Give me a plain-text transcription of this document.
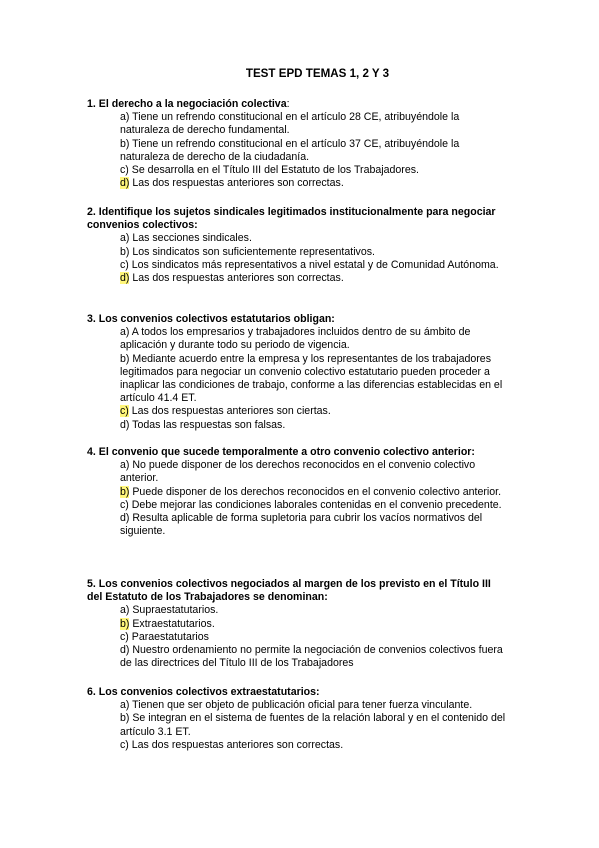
TEST EPD TEMAS 1, 2 Y 3
1. El derecho a la negociación colectiva:
a) Tiene un refrendo constitucional en el artículo 28 CE, atribuyéndole la naturaleza de derecho fundamental.
b) Tiene un refrendo constitucional en el artículo 37 CE, atribuyéndole la naturaleza de derecho de la ciudadanía.
c) Se desarrolla en el Título III del Estatuto de los Trabajadores.
d) Las dos respuestas anteriores son correctas.
2. Identifique los sujetos sindicales legitimados institucionalmente para negociar convenios colectivos:
a) Las secciones sindicales.
b) Los sindicatos son suficientemente representativos.
c) Los sindicatos más representativos a nivel estatal y de Comunidad Autónoma.
d) Las dos respuestas anteriores son correctas.
3. Los convenios colectivos estatutarios obligan:
a) A todos los empresarios y trabajadores incluidos dentro de su ámbito de aplicación y durante todo su periodo de vigencia.
b) Mediante acuerdo entre la empresa y los representantes de los trabajadores legitimados para negociar un convenio colectivo estatutario pueden proceder a inaplicar las condiciones de trabajo, conforme a las diferencias establecidas en el artículo 41.4 ET.
c) Las dos respuestas anteriores son ciertas.
d) Todas las respuestas son falsas.
4. El convenio que sucede temporalmente a otro convenio colectivo anterior:
a) No puede disponer de los derechos reconocidos en el convenio colectivo anterior.
b) Puede disponer de los derechos reconocidos en el convenio colectivo anterior.
c) Debe mejorar las condiciones laborales contenidas en el convenio precedente.
d) Resulta aplicable de forma supletoria para cubrir los vacíos normativos del siguiente.
5. Los convenios colectivos negociados al margen de los previsto en el Título III del Estatuto de los Trabajadores se denominan:
a) Supraestatutarios.
b) Extraestatutarios.
c) Paraestatutarios
d) Nuestro ordenamiento no permite la negociación de convenios colectivos fuera de las directrices del Título III de los Trabajadores
6. Los convenios colectivos extraestatutarios:
a) Tienen que ser objeto de publicación oficial para tener fuerza vinculante.
b) Se integran en el sistema de fuentes de la relación laboral y en el contenido del artículo 3.1 ET.
c) Las dos respuestas anteriores son correctas.
